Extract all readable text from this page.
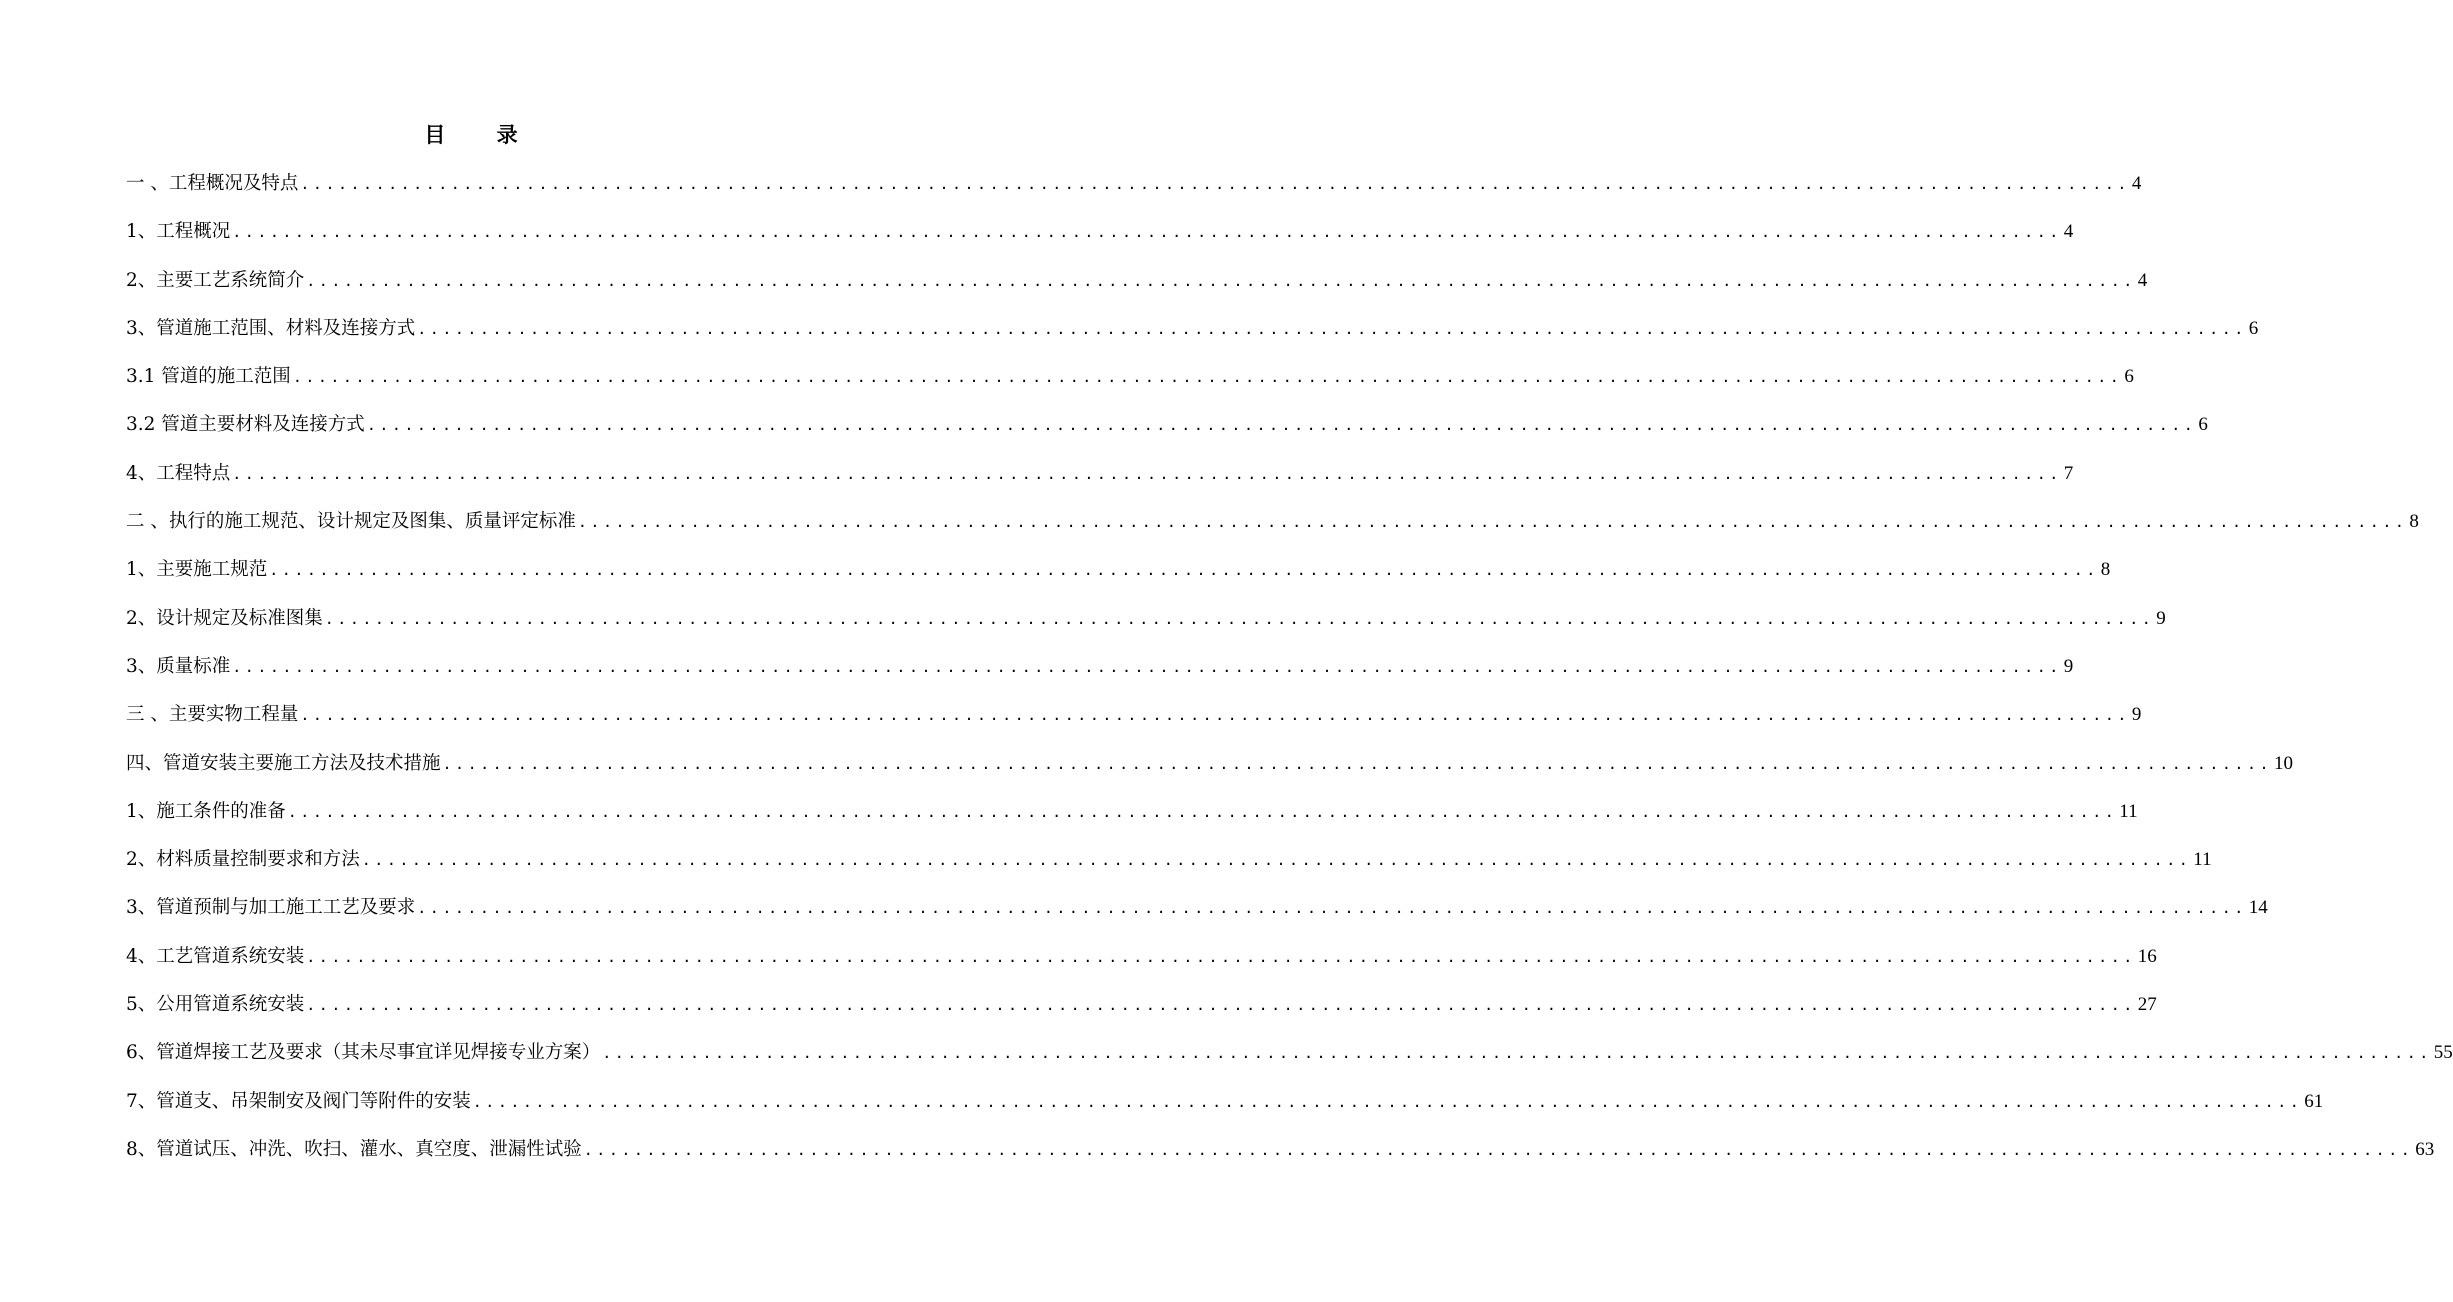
目 录
一 、工程概况及特点 .................................................................................................................................................. 4
1、工程概况 .................................................................................................................................................. 4
2、主要工艺系统简介 .................................................................................................................................................. 4
3、管道施工范围、材料及连接方式 .................................................................................................................................................. 6
3.1 管道的施工范围 .................................................................................................................................................. 6
3.2 管道主要材料及连接方式 .................................................................................................................................................. 6
4、工程特点 .................................................................................................................................................. 7
二 、执行的施工规范、设计规定及图集、质量评定标准 .................................................................................................................................................. 8
1、主要施工规范 .................................................................................................................................................. 8
2、设计规定及标准图集 .................................................................................................................................................. 9
3、质量标准 .................................................................................................................................................. 9
三 、主要实物工程量 .................................................................................................................................................. 9
四、管道安装主要施工方法及技术措施 .................................................................................................................................................. 10
1、施工条件的准备 .................................................................................................................................................. 11
2、材料质量控制要求和方法 .................................................................................................................................................. 11
3、管道预制与加工施工工艺及要求 .................................................................................................................................................. 14
4、工艺管道系统安装 .................................................................................................................................................. 16
5、公用管道系统安装 .................................................................................................................................................. 27
6、管道焊接工艺及要求（其未尽事宜详见焊接专业方案） .................................................................................................................................................. 55
7、管道支、吊架制安及阀门等附件的安装 .................................................................................................................................................. 61
8、管道试压、冲洗、吹扫、灌水、真空度、泄漏性试验 .................................................................................................................................................. 63
